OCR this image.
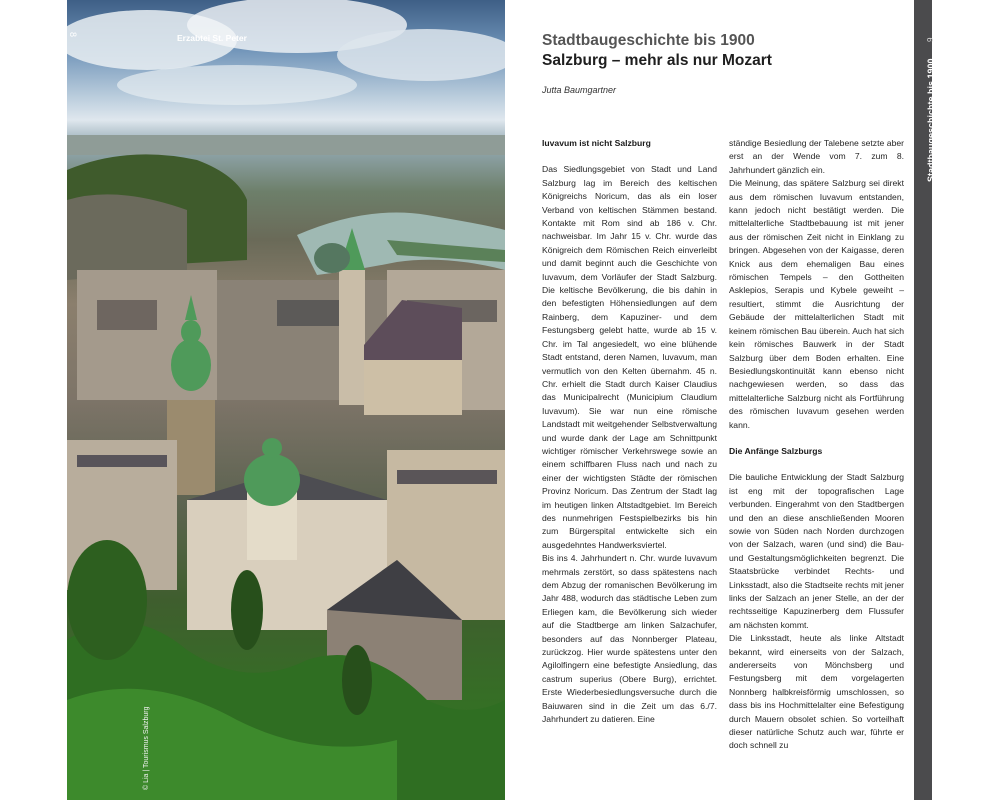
Erzabtei St. Peter
© Lia | Tourismus Salzburg
8	Stadtbaugeschichte bis 1900
Salzburg – mehr als nur Mozart
Jutta Baumgartner
Iuvavum ist nicht Salzburg

Das Siedlungsgebiet von Stadt und Land Salzburg lag im Bereich des keltischen Königreichs Noricum, das als ein loser Verband von keltischen Stämmen bestand. Kontakte mit Rom sind ab 186 v. Chr. nachweisbar. Im Jahr 15 v. Chr. wurde das Königreich dem Römischen Reich einverleibt und damit beginnt auch die Geschichte von Iuvavum, dem Vorläufer der Stadt Salzburg. Die keltische Bevölkerung, die bis dahin in den befestigten Höhensiedlungen auf dem Rainberg, dem Kapuziner- und dem Festungsberg gelebt hatte, wurde ab 15 v. Chr. im Tal angesiedelt, wo eine blühende Stadt entstand, deren Namen, Iuvavum, man vermutlich von den Kelten übernahm. 45 n. Chr. erhielt die Stadt durch Kaiser Claudius das Municipalrecht (Municipium Claudium Iuvavum). Sie war nun eine römische Landstadt mit weitgehender Selbstverwaltung und wurde dank der Lage am Schnittpunkt wichtiger römischer Verkehrswege sowie an einem schiffbaren Fluss nach und nach zu einer der wichtigsten Städte der römischen Provinz Noricum. Das Zentrum der Stadt lag im heutigen linken Altstadtgebiet. Im Bereich des nunmehrigen Festspielbezirks bis hin zum Bürgerspital entwickelte sich ein ausgedehntes Handwerksviertel.

Bis ins 4. Jahrhundert n. Chr. wurde Iuvavum mehrmals zerstört, so dass spätestens nach dem Abzug der romanischen Bevölkerung im Jahr 488, wodurch das städtische Leben zum Erliegen kam, die Bevölkerung sich wieder auf die Stadtberge am linken Salzachufer, besonders auf das Nonnberger Plateau, zurückzog. Hier wurde spätestens unter den Agilolfingern eine befestigte Ansiedlung, das castrum superius (Obere Burg), errichtet. Erste Wiederbesiedlungsversuche durch die Baiuwaren sind in die Zeit um das 6./7. Jahrhundert zu datieren. Eine

ständige Besiedlung der Talebene setzte aber erst an der Wende vom 7. zum 8. Jahrhundert gänzlich ein.

Die Meinung, das spätere Salzburg sei direkt aus dem römischen Iuvavum entstanden, kann jedoch nicht bestätigt werden. Die mittelalterliche Stadtbebauung ist mit jener aus der römischen Zeit nicht in Einklang zu bringen. Abgesehen von der Kaigasse, deren Knick aus dem ehemaligen Bau eines römischen Tempels – den Gottheiten Asklepios, Serapis und Kybele geweiht – resultiert, stimmt die Ausrichtung der Gebäude der mittelalterlichen Stadt mit keinem römischen Bau überein. Auch hat sich kein römisches Bauwerk in der Stadt Salzburg über dem Boden erhalten. Eine Besiedlungskontinuität kann ebenso nicht nachgewiesen werden, so dass das mittelalterliche Salzburg nicht als Fortführung des römischen Iuvavum gesehen werden kann.

Die Anfänge Salzburgs

Die bauliche Entwicklung der Stadt Salzburg ist eng mit der topografischen Lage verbunden. Eingerahmt von den Stadtbergen und den an diese anschließenden Mooren sowie von Süden nach Norden durchzogen von der Salzach, waren (und sind) die Bau- und Gestaltungsmöglichkeiten begrenzt. Die Staatsbrücke verbindet Rechts- und Linksstadt, also die Stadtseite rechts mit jener links der Salzach an jener Stelle, an der der rechtsseitige Kapuzinerberg dem Flussufer am nächsten kommt.

Die Linksstadt, heute als linke Altstadt bekannt, wird einerseits von der Salzach, andererseits von Mönchsberg und Festungsberg mit dem vorgelagerten Nonnberg halbkreisförmig umschlossen, so dass bis ins Hochmittelalter eine Befestigung durch Mauern obsolet schien. So vorteilhaft dieser natürliche Schutz auch war, führte er doch schnell zu

Stadtbaugeschichte bis 1900
9
